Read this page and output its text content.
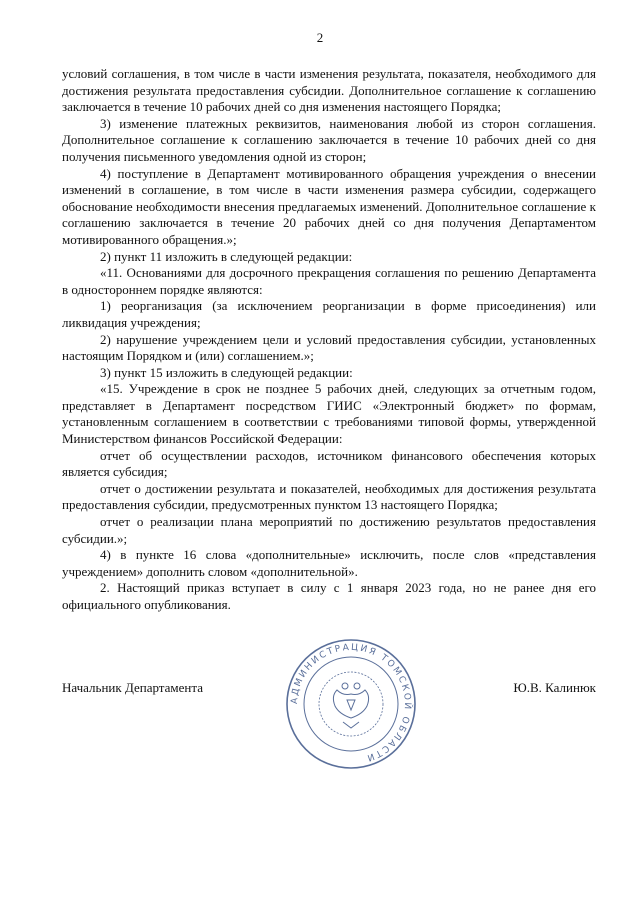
2

условий соглашения, в том числе в части изменения результата, показателя, необходимого для достижения результата предоставления субсидии. Дополнительное соглашение к соглашению заключается в течение 10 рабочих дней со дня изменения настоящего Порядка;

3) изменение платежных реквизитов, наименования любой из сторон соглашения. Дополнительное соглашение к соглашению заключается в течение 10 рабочих дней со дня получения письменного уведомления одной из сторон;

4) поступление в Департамент мотивированного обращения учреждения о внесении изменений в соглашение, в том числе в части изменения размера субсидии, содержащего обоснование необходимости внесения предлагаемых изменений. Дополнительное соглашение к соглашению заключается в течение 20 рабочих дней со дня получения Департаментом мотивированного обращения.»;

2) пункт 11 изложить в следующей редакции:

«11. Основаниями для досрочного прекращения соглашения по решению Департамента в одностороннем порядке являются:

1) реорганизация (за исключением реорганизации в форме присоединения) или ликвидация учреждения;

2) нарушение учреждением цели и условий предоставления субсидии, установленных настоящим Порядком и (или) соглашением.»;

3) пункт 15 изложить в следующей редакции:

«15. Учреждение в срок не позднее 5 рабочих дней, следующих за отчетным годом, представляет в Департамент посредством ГИИС «Электронный бюджет» по формам, установленным соглашением в соответствии с требованиями типовой формы, утвержденной Министерством финансов Российской Федерации:

отчет об осуществлении расходов, источником финансового обеспечения которых является субсидия;

отчет о достижении результата и показателей, необходимых для достижения результата предоставления субсидии, предусмотренных пунктом 13 настоящего Порядка;

отчет о реализации плана мероприятий по достижению результатов предоставления субсидии.»;

4) в пункте 16 слова «дополнительные» исключить, после слов «представления учреждением» дополнить словом «дополнительной».

2. Настоящий приказ вступает в силу с 1 января 2023 года, но не ранее дня его официального опубликования.

Начальник Департамента	Ю.В. Калинюк
АДМИНИСТРАЦИЯ ТОМСКОЙ ОБЛАСТИ
